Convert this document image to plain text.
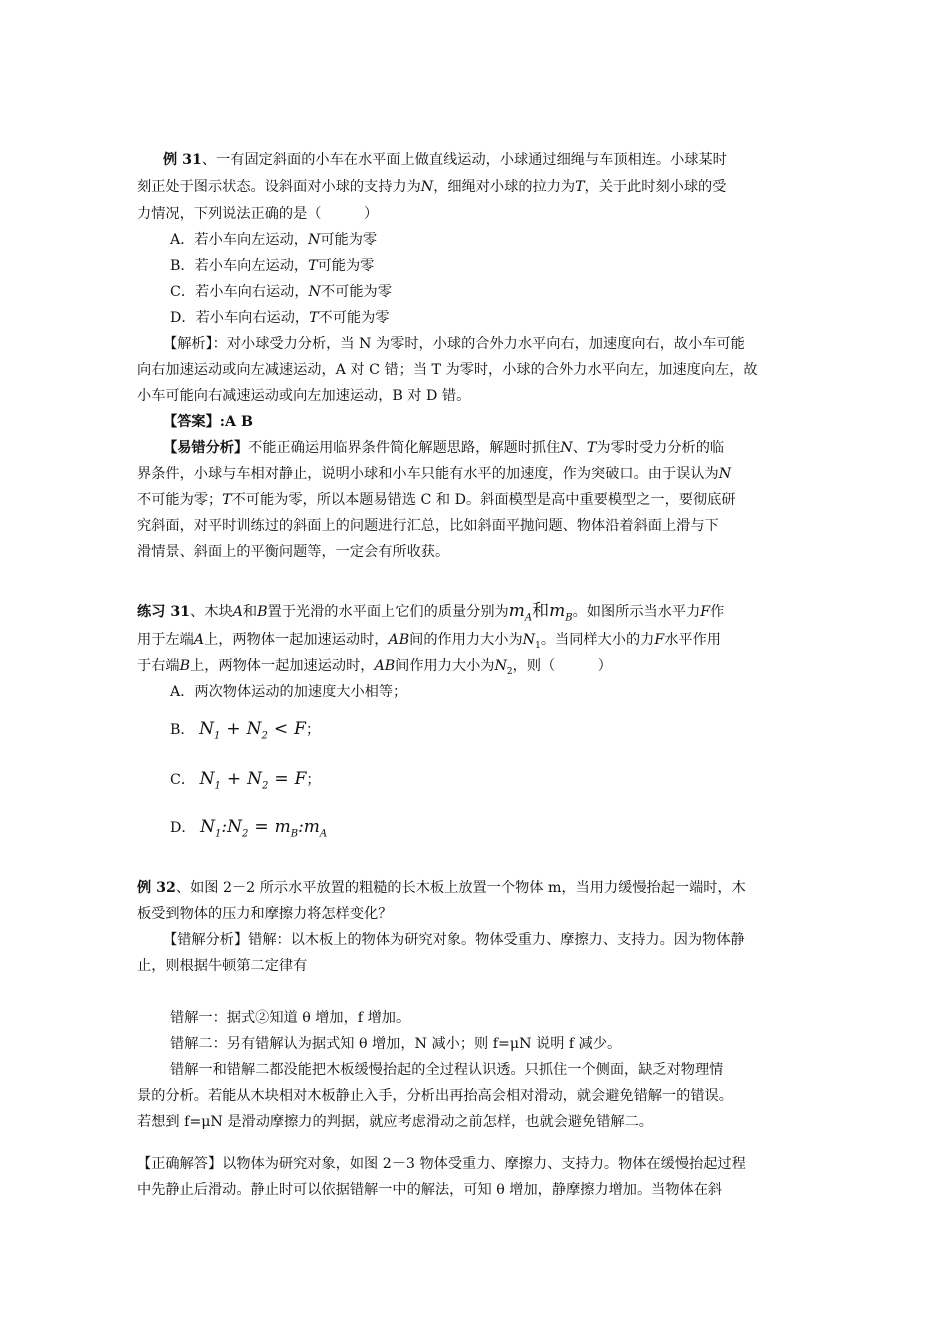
例 31、一有固定斜面的小车在水平面上做直线运动，小球通过细绳与车顶相连。小球某时
刻正处于图示状态。设斜面对小球的支持力为N，细绳对小球的拉力为T，关于此时刻小球的受
力情况，下列说法正确的是（　　　）
A．若小车向左运动，N可能为零
B．若小车向左运动，T可能为零
C．若小车向右运动，N不可能为零
D．若小车向右运动，T不可能为零
【解析】：对小球受力分析，当 N 为零时，小球的合外力水平向右，加速度向右，故小车可能
向右加速运动或向左减速运动，A 对 C 错；当 T 为零时，小球的合外力水平向左，加速度向左，故
小车可能向右减速运动或向左加速运动，B 对 D 错。
【答案】:A B
【易错分析】不能正确运用临界条件简化解题思路，解题时抓住N、T为零时受力分析的临
界条件，小球与车相对静止，说明小球和小车只能有水平的加速度，作为突破口。由于误认为N
不可能为零；T不可能为零，所以本题易错选 C 和 D。斜面模型是高中重要模型之一，要彻底研
究斜面，对平时训练过的斜面上的问题进行汇总，比如斜面平抛问题、物体沿着斜面上滑与下
滑情景、斜面上的平衡问题等，一定会有所收获。
练习 31、木块A和B置于光滑的水平面上它们的质量分别为$m_A$和$m_B$。如图所示当水平力F作
用于左端A上，两物体一起加速运动时，AB间的作用力大小为$N_1$。当同样大小的力F水平作用
于右端B上，两物体一起加速运动时，AB间作用力大小为$N_2$，则（　　　）
A．两次物体运动的加速度大小相等；
B． $N_1 + N_2 < F$；
C． $N_1 + N_2 = F$；
D． $N_1:N_2$ = $m_B:m_A$
例 32、如图 2－2 所示水平放置的粗糙的长木板上放置一个物体 m，当用力缓慢抬起一端时，木
板受到物体的压力和摩擦力将怎样变化？
【错解分析】错解：以木板上的物体为研究对象。物体受重力、摩擦力、支持力。因为物体静
止，则根据牛顿第二定律有
错解一：据式②知道 θ 增加，f 增加。
错解二：另有错解认为据式知 θ 增加，N 减小；则 f=μN 说明 f 减少。
错解一和错解二都没能把木板缓慢抬起的全过程认识透。只抓住一个侧面，缺乏对物理情
景的分析。若能从木块相对木板静止入手，分析出再抬高会相对滑动，就会避免错解一的错误。
若想到 f=μN 是滑动摩擦力的判据，就应考虑滑动之前怎样，也就会避免错解二。
【正确解答】以物体为研究对象，如图 2－3 物体受重力、摩擦力、支持力。物体在缓慢抬起过程
中先静止后滑动。静止时可以依据错解一中的解法，可知 θ 增加，静摩擦力增加。当物体在斜
